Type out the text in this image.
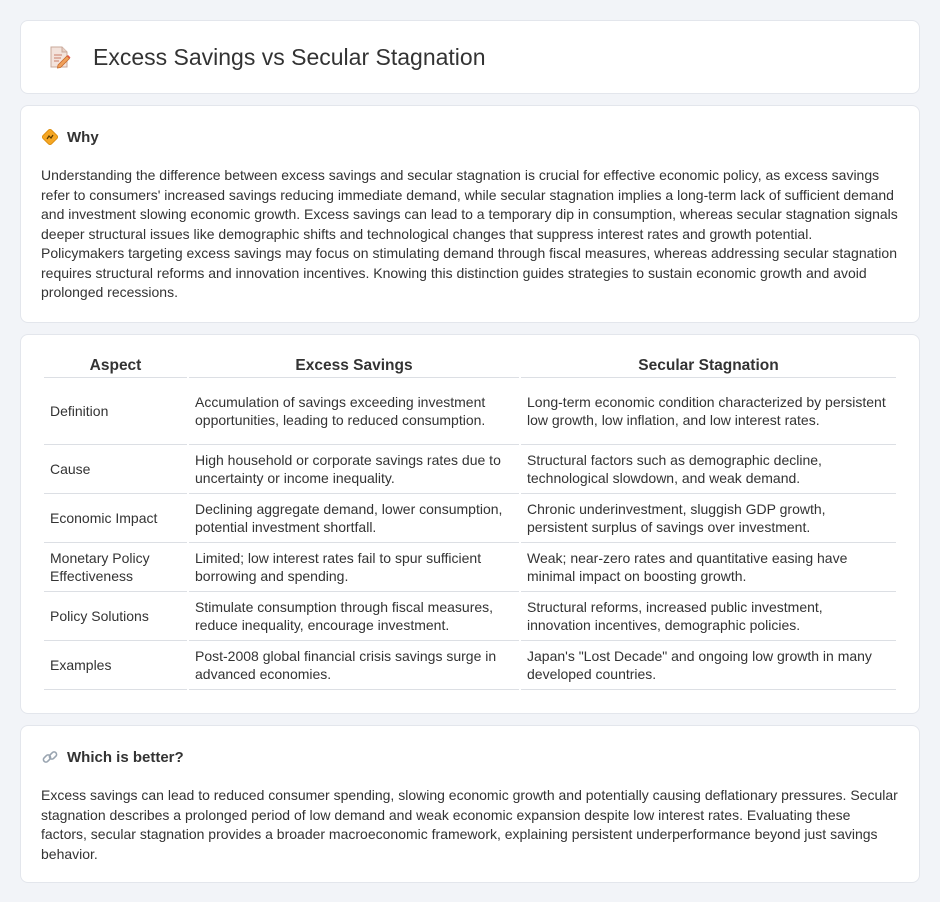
Excess Savings vs Secular Stagnation
Why

Understanding the difference between excess savings and secular stagnation is crucial for effective economic policy, as excess savings refer to consumers' increased savings reducing immediate demand, while secular stagnation implies a long-term lack of sufficient demand and investment slowing economic growth. Excess savings can lead to a temporary dip in consumption, whereas secular stagnation signals deeper structural issues like demographic shifts and technological changes that suppress interest rates and growth potential. Policymakers targeting excess savings may focus on stimulating demand through fiscal measures, whereas addressing secular stagnation requires structural reforms and innovation incentives. Knowing this distinction guides strategies to sustain economic growth and avoid prolonged recessions.

Aspect	Excess Savings	Secular Stagnation
Definition	Accumulation of savings exceeding investment opportunities, leading to reduced consumption.	Long-term economic condition characterized by persistent low growth, low inflation, and low interest rates.
Cause	High household or corporate savings rates due to uncertainty or income inequality.	Structural factors such as demographic decline, technological slowdown, and weak demand.
Economic Impact	Declining aggregate demand, lower consumption, potential investment shortfall.	Chronic underinvestment, sluggish GDP growth, persistent surplus of savings over investment.
Monetary Policy Effectiveness	Limited; low interest rates fail to spur sufficient borrowing and spending.	Weak; near-zero rates and quantitative easing have minimal impact on boosting growth.
Policy Solutions	Stimulate consumption through fiscal measures, reduce inequality, encourage investment.	Structural reforms, increased public investment, innovation incentives, demographic policies.
Examples	Post-2008 global financial crisis savings surge in advanced economies.	Japan's "Lost Decade" and ongoing low growth in many developed countries.
Which is better?

Excess savings can lead to reduced consumer spending, slowing economic growth and potentially causing deflationary pressures. Secular stagnation describes a prolonged period of low demand and weak economic expansion despite low interest rates. Evaluating these factors, secular stagnation provides a broader macroeconomic framework, explaining persistent underperformance beyond just savings behavior.
